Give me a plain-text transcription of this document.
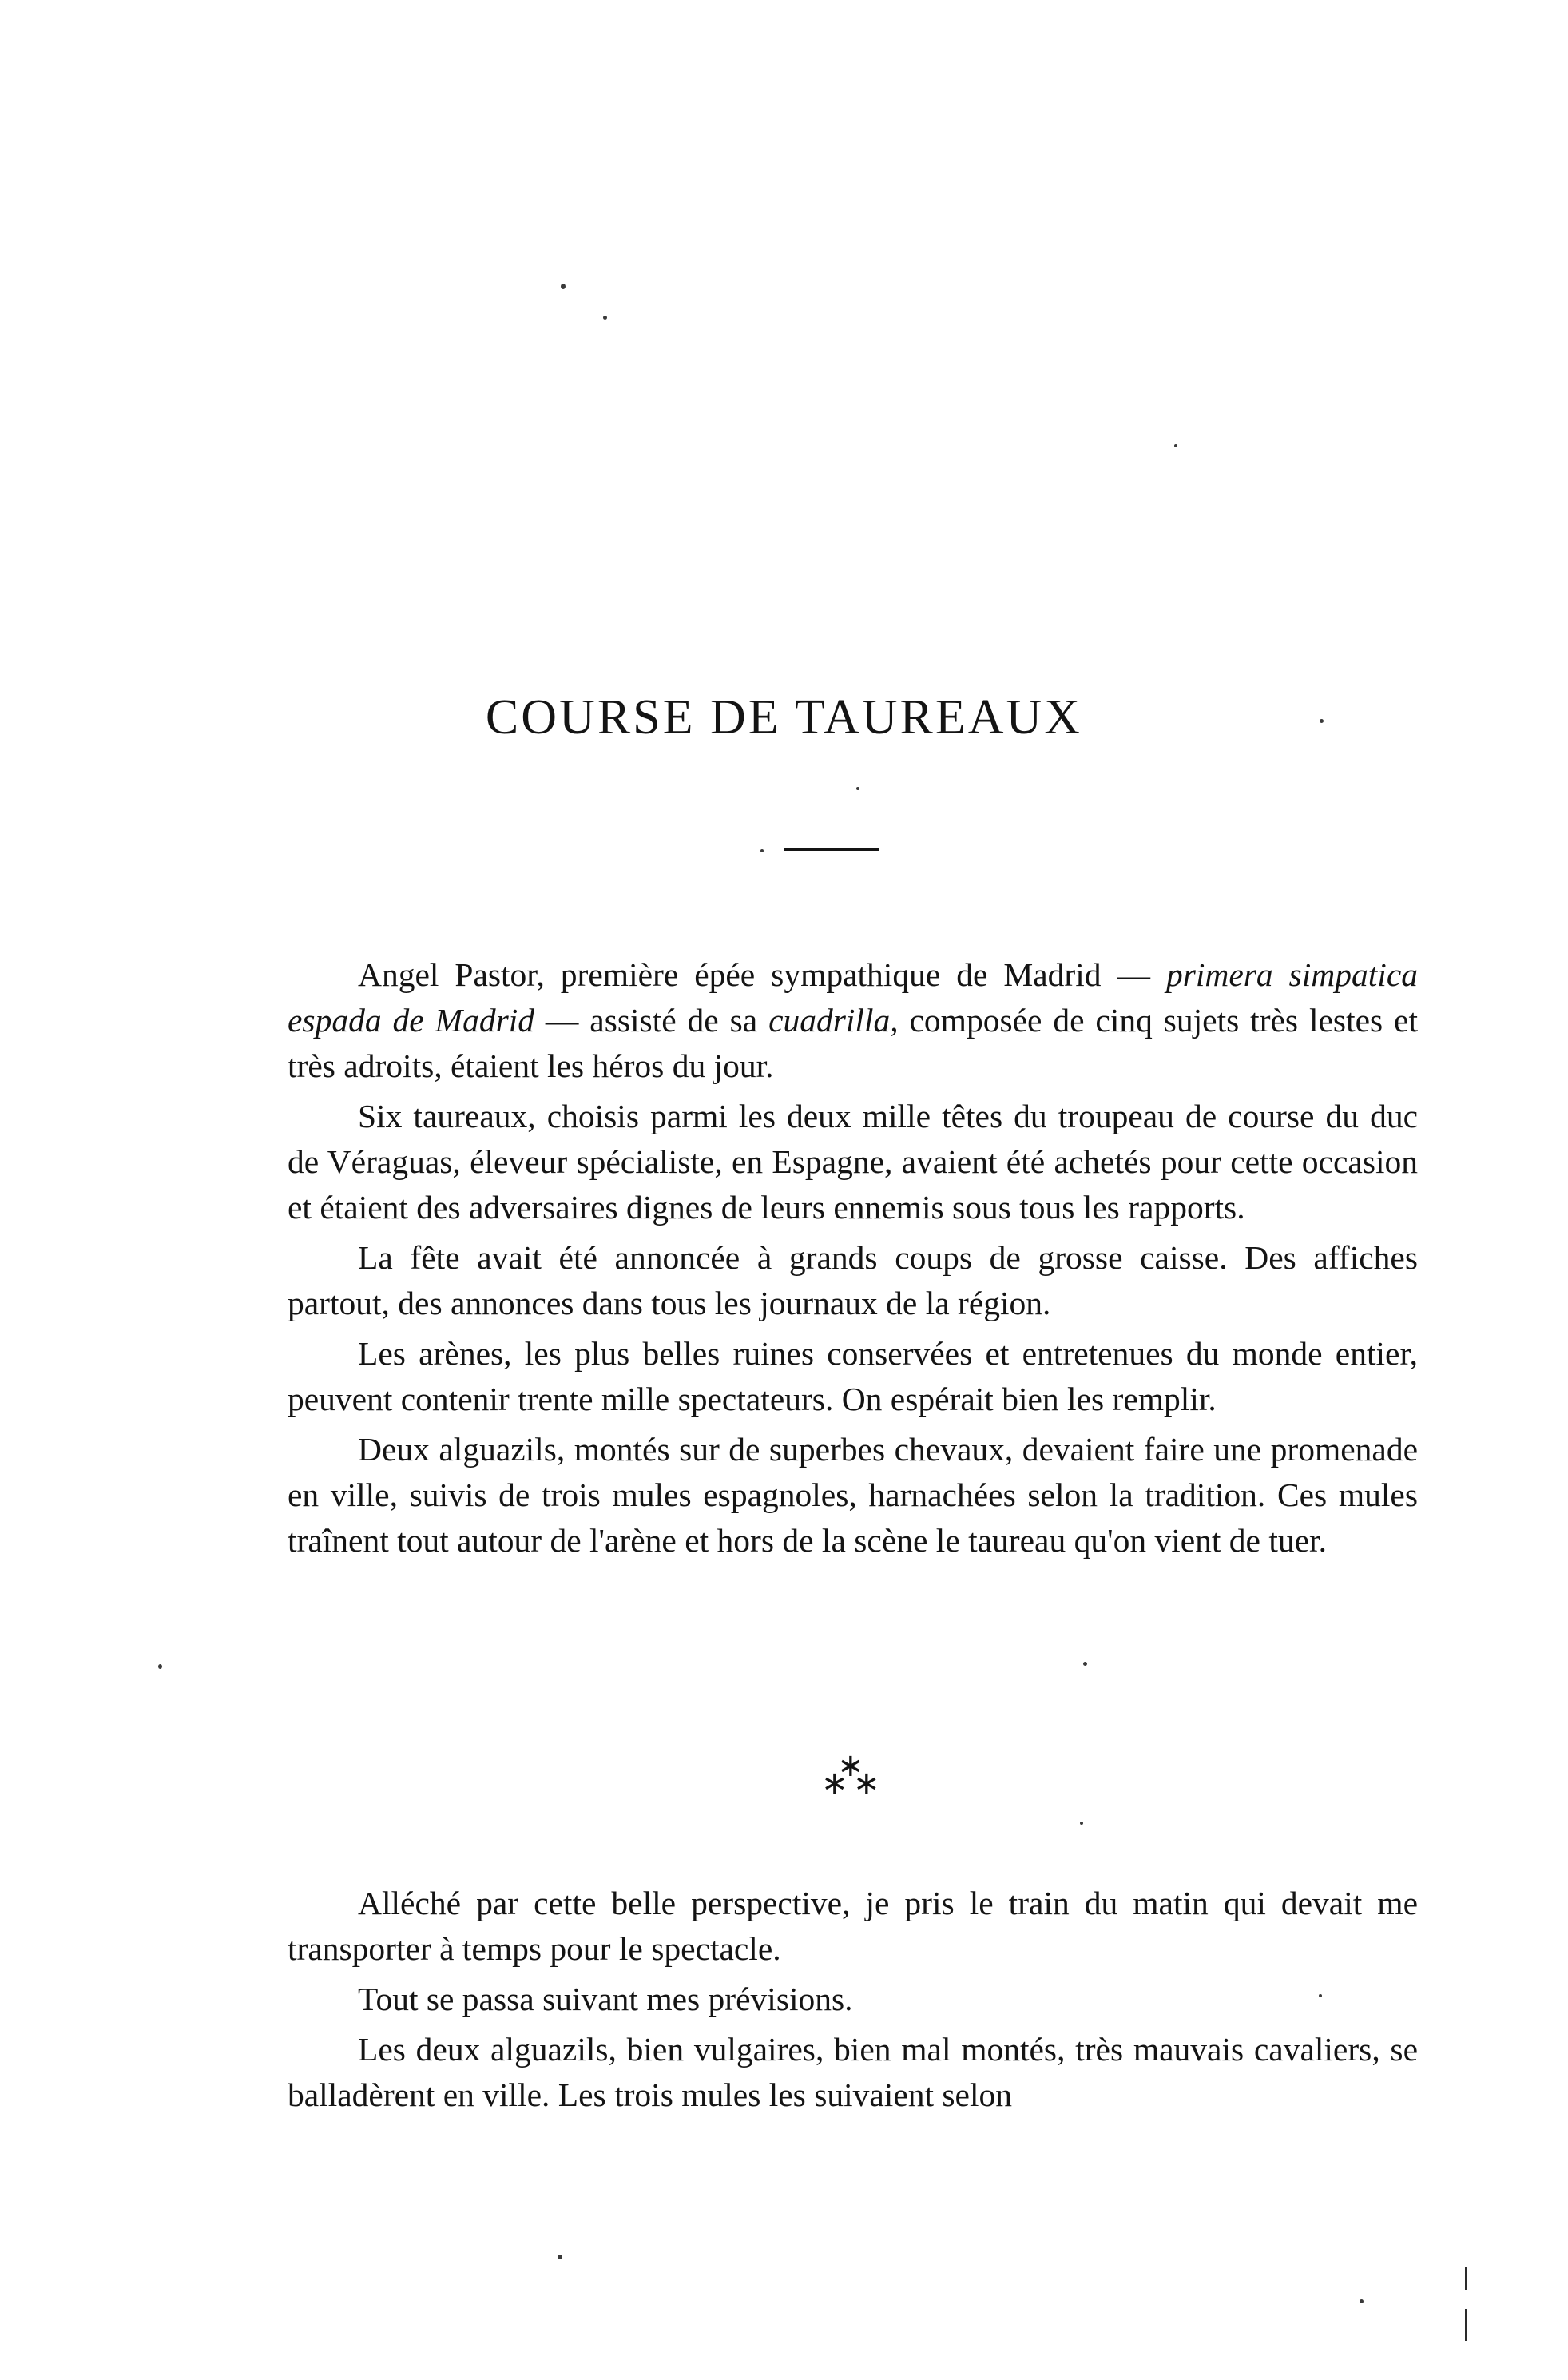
COURSE DE TAUREAUX

Angel Pastor, première épée sympathique de Madrid — primera simpatica espada de Madrid — assisté de sa cuadrilla, composée de cinq sujets très lestes et très adroits, étaient les héros du jour.

Six taureaux, choisis parmi les deux mille têtes du troupeau de course du duc de Véraguas, éleveur spécialiste, en Espagne, avaient été achetés pour cette occasion et étaient des adversaires dignes de leurs ennemis sous tous les rapports.

La fête avait été annoncée à grands coups de grosse caisse. Des affiches partout, des annonces dans tous les journaux de la région.

Les arènes, les plus belles ruines conservées et entretenues du monde entier, peuvent contenir trente mille spectateurs. On espérait bien les remplir.

Deux alguazils, montés sur de superbes chevaux, devaient faire une promenade en ville, suivis de trois mules espagnoles, harnachées selon la tradition. Ces mules traînent tout autour de l'arène et hors de la scène le taureau qu'on vient de tuer.

∗
∗ ∗

Alléché par cette belle perspective, je pris le train du matin qui devait me transporter à temps pour le spectacle.

Tout se passa suivant mes prévisions.

Les deux alguazils, bien vulgaires, bien mal montés, très mauvais cavaliers, se balladèrent en ville. Les trois mules les suivaient selon
